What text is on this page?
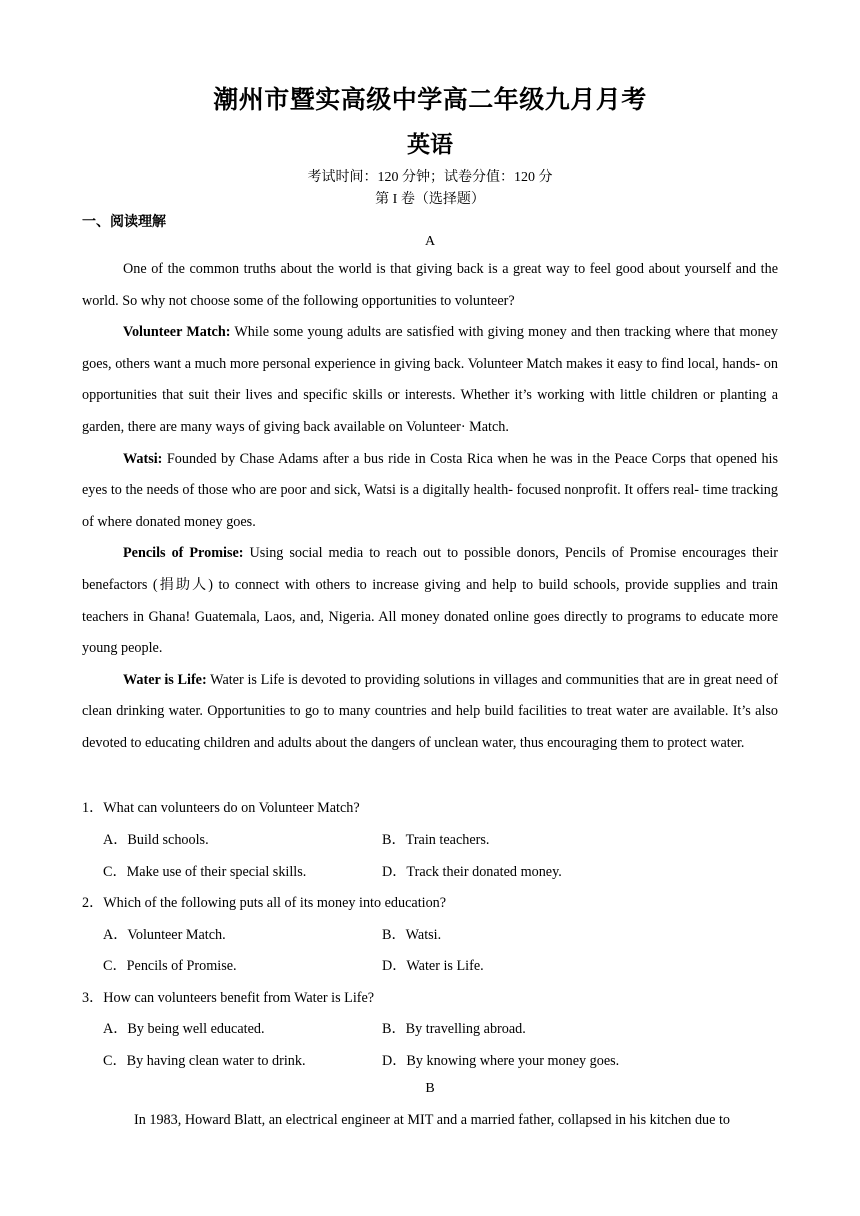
潮州市暨实高级中学高二年级九月月考
英语
考试时间：120 分钟；试卷分值：120 分
第 I 卷（选择题）
一、阅读理解
A

One of the common truths about the world is that giving back is a great way to feel good about yourself and the world. So why not choose some of the following opportunities to volunteer?

Volunteer Match: While some young adults are satisfied with giving money and then tracking where that money goes, others want a much more personal experience in giving back. Volunteer Match makes it easy to find local, hands- on opportunities that suit their lives and specific skills or interests. Whether it’s working with little children or planting a garden, there are many ways of giving back available on Volunteer· Match.

Watsi: Founded by Chase Adams after a bus ride in Costa Rica when he was in the Peace Corps that opened his eyes to the needs of those who are poor and sick, Watsi is a digitally health- focused nonprofit. It offers real- time tracking of where donated money goes.

Pencils of Promise: Using social media to reach out to possible donors, Pencils of Promise encourages their benefactors (捐助人) to connect with others to increase giving and help to build schools, provide supplies and train teachers in Ghana! Guatemala, Laos, and, Nigeria. All money donated online goes directly to programs to educate more young people.

Water is Life: Water is Life is devoted to providing solutions in villages and communities that are in great need of clean drinking water. Opportunities to go to many countries and help build facilities to treat water are available. It’s also devoted to educating children and adults about the dangers of unclean water, thus encouraging them to protect water.

1．What can volunteers do on Volunteer Match?
A．Build schools.	B．Train teachers.
C．Make use of their special skills.	D．Track their donated money.
2．Which of the following puts all of its money into education?
A．Volunteer Match.	B．Watsi.
C．Pencils of Promise.	D．Water is Life.
3．How can volunteers benefit from Water is Life?
A．By being well educated.	B．By travelling abroad.
C．By having clean water to drink.	D．By knowing where your money goes.
B
In 1983, Howard Blatt, an electrical engineer at MIT and a married father, collapsed in his kitchen due to
